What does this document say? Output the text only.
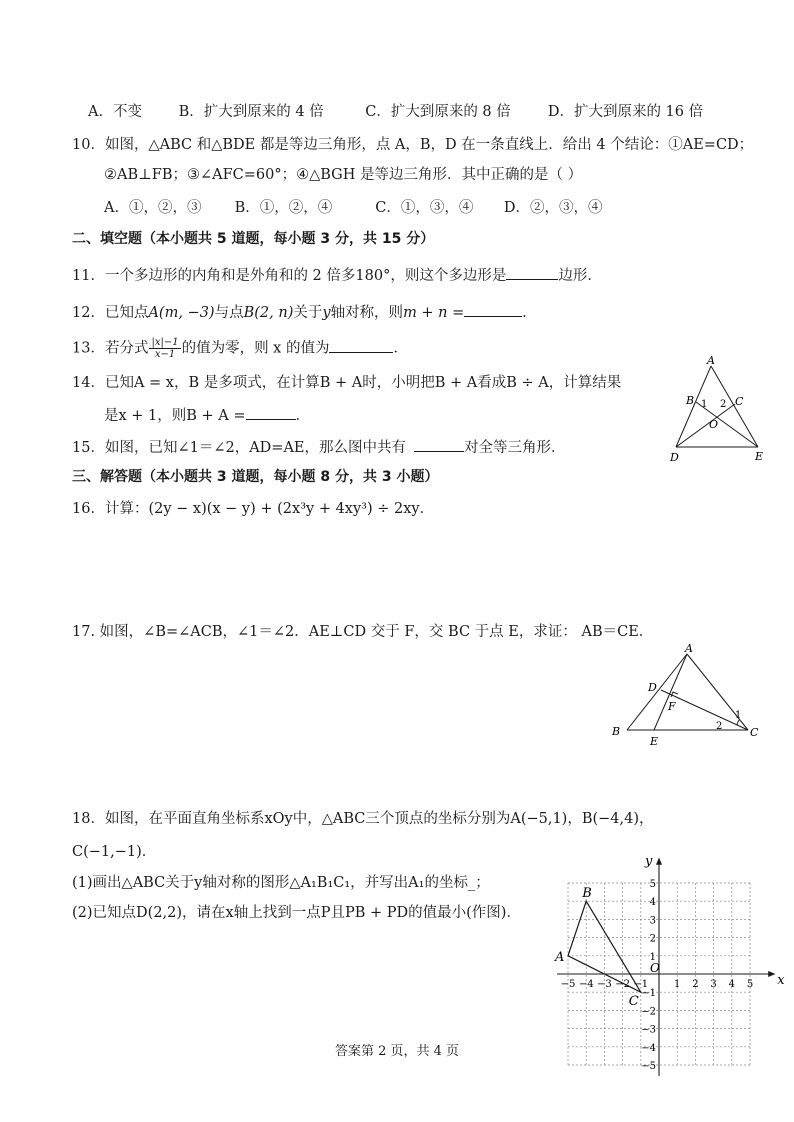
A．不变	B．扩大到原来的 4 倍	C．扩大到原来的 8 倍	D．扩大到原来的 16 倍
10．如图，△ABC 和△BDE 都是等边三角形，点 A，B，D 在一条直线上．给出 4 个结论：①AE=CD；
②AB⊥FB；③∠AFC=60°；④△BGH 是等边三角形．其中正确的是（ ）
A．①，②，③ B．①，②，④	C．①，③，④ D．②，③，④
二、填空题（本小题共 5 道题，每小题 3 分，共 15 分）
11．一个多边形的内角和是外角和的 2 倍多180°，则这个多边形是	边形．
12．已知点A(m, −3)与点B(2, n)关于y轴对称，则m + n =	．
13．若分式 $\frac{|x|-1}{x-1}$ 的值为零，则 x 的值为	．
14．已知A = x，B 是多项式，在计算B + A时，小明把B + A看成B ÷ A，计算结果
是x + 1，则B + A =	．
15．如图，已知∠1＝∠2，AD=AE，那么图中共有	对全等三角形．
A
B	C
O
D	E
1 2
三、解答题（本小题共 3 道题，每小题 8 分，共 3 小题）
16．计算：(2y − x)(x − y) + (2x³y + 4xy³) ÷ 2xy．
17. 如图，∠B=∠ACB，∠1＝∠2．AE⊥CD 交于 F，交 BC 于点 E，求证： AB＝CE．
A
D
F
B
E
C
1
2
18．如图，在平面直角坐标系xOy中，△ABC三个顶点的坐标分别为A(−5,1)，B(−4,4)，
C(−1,−1)．
(1)画出△ABC关于y轴对称的图形△A₁B₁C₁，并写出A₁的坐标_；
(2)已知点D(2,2)，请在x轴上找到一点P且PB + PD的值最小(作图)．
x
y
O
−5 −4 −3 −2 −1	1 2 3 4 5
5
4
3
2
1
−1
−2
−3
−4
−5
A
B
C
答案第 2 页，共 4 页
